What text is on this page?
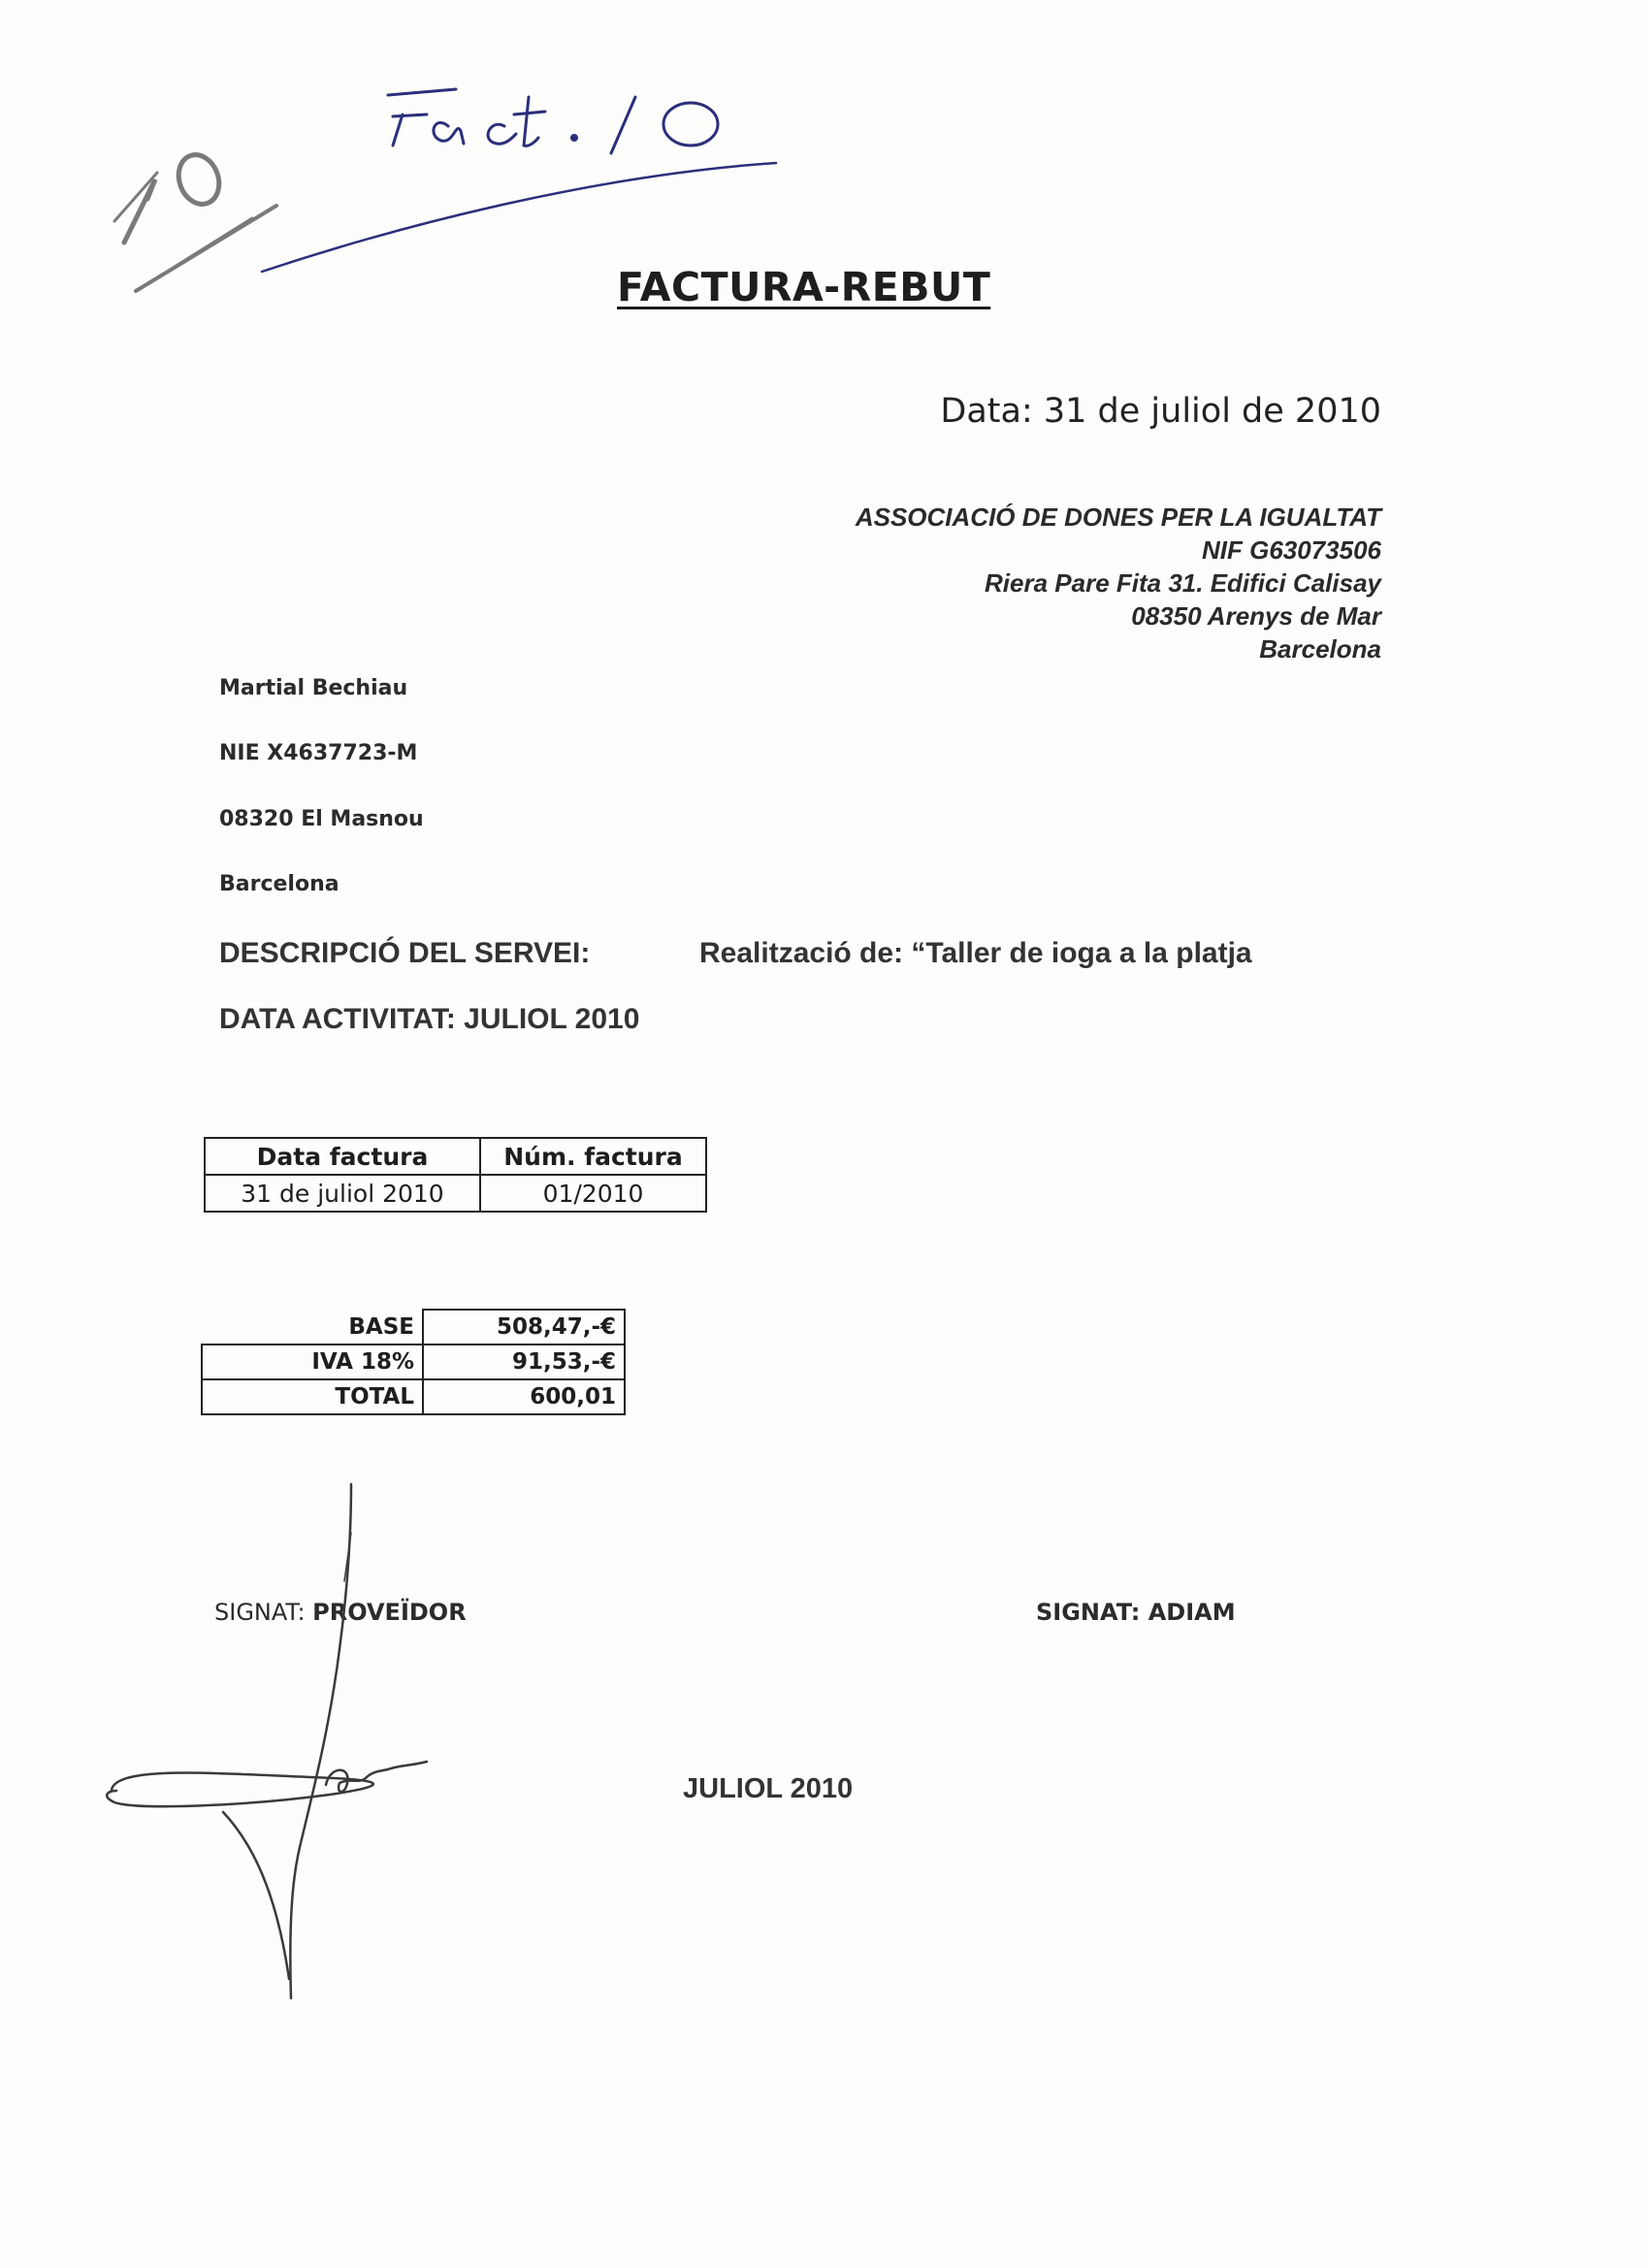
FACTURA-REBUT
Data: 31 de juliol de 2010
ASSOCIACIÓ DE DONES PER LA IGUALTAT
NIF G63073506
Riera Pare Fita 31. Edifici Calisay
08350 Arenys de Mar
Barcelona
Martial Bechiau
NIE X4637723-M
08320 El Masnou
Barcelona
DESCRIPCIÓ DEL SERVEI:	Realització de: “Taller de ioga a la platja
DATA ACTIVITAT: JULIOL 2010
Data factura	Núm. factura
31 de juliol 2010	01/2010
BASE	508,47,-€
IVA 18%	91,53,-€
TOTAL	600,01
SIGNAT: PROVEÏDOR	SIGNAT: ADIAM
JULIOL 2010
